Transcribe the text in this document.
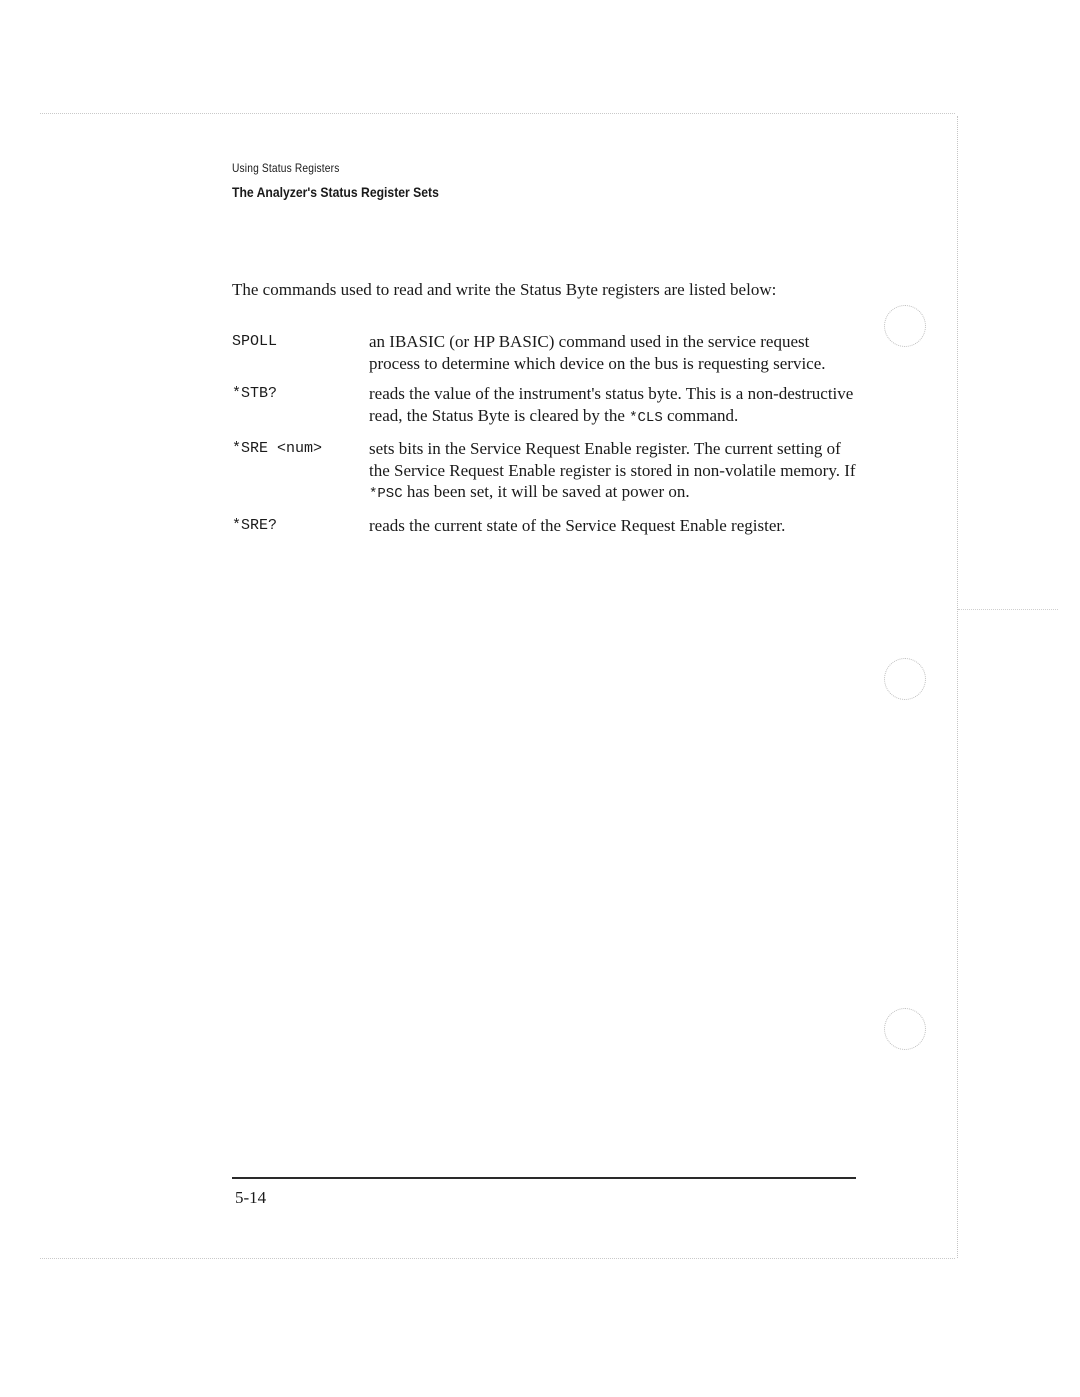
Using Status Registers

The Analyzer's Status Register Sets

The commands used to read and write the Status Byte registers are listed below:

SPOLL	an IBASIC (or HP BASIC) command used in the service request process to determine which device on the bus is requesting service.
*STB?	reads the value of the instrument's status byte. This is a non-destructive read, the Status Byte is cleared by the *CLS command.
*SRE <num>	sets bits in the Service Request Enable register. The current setting of the Service Request Enable register is stored in non-volatile memory. If *PSC has been set, it will be saved at power on.
*SRE?	reads the current state of the Service Request Enable register.

5-14
